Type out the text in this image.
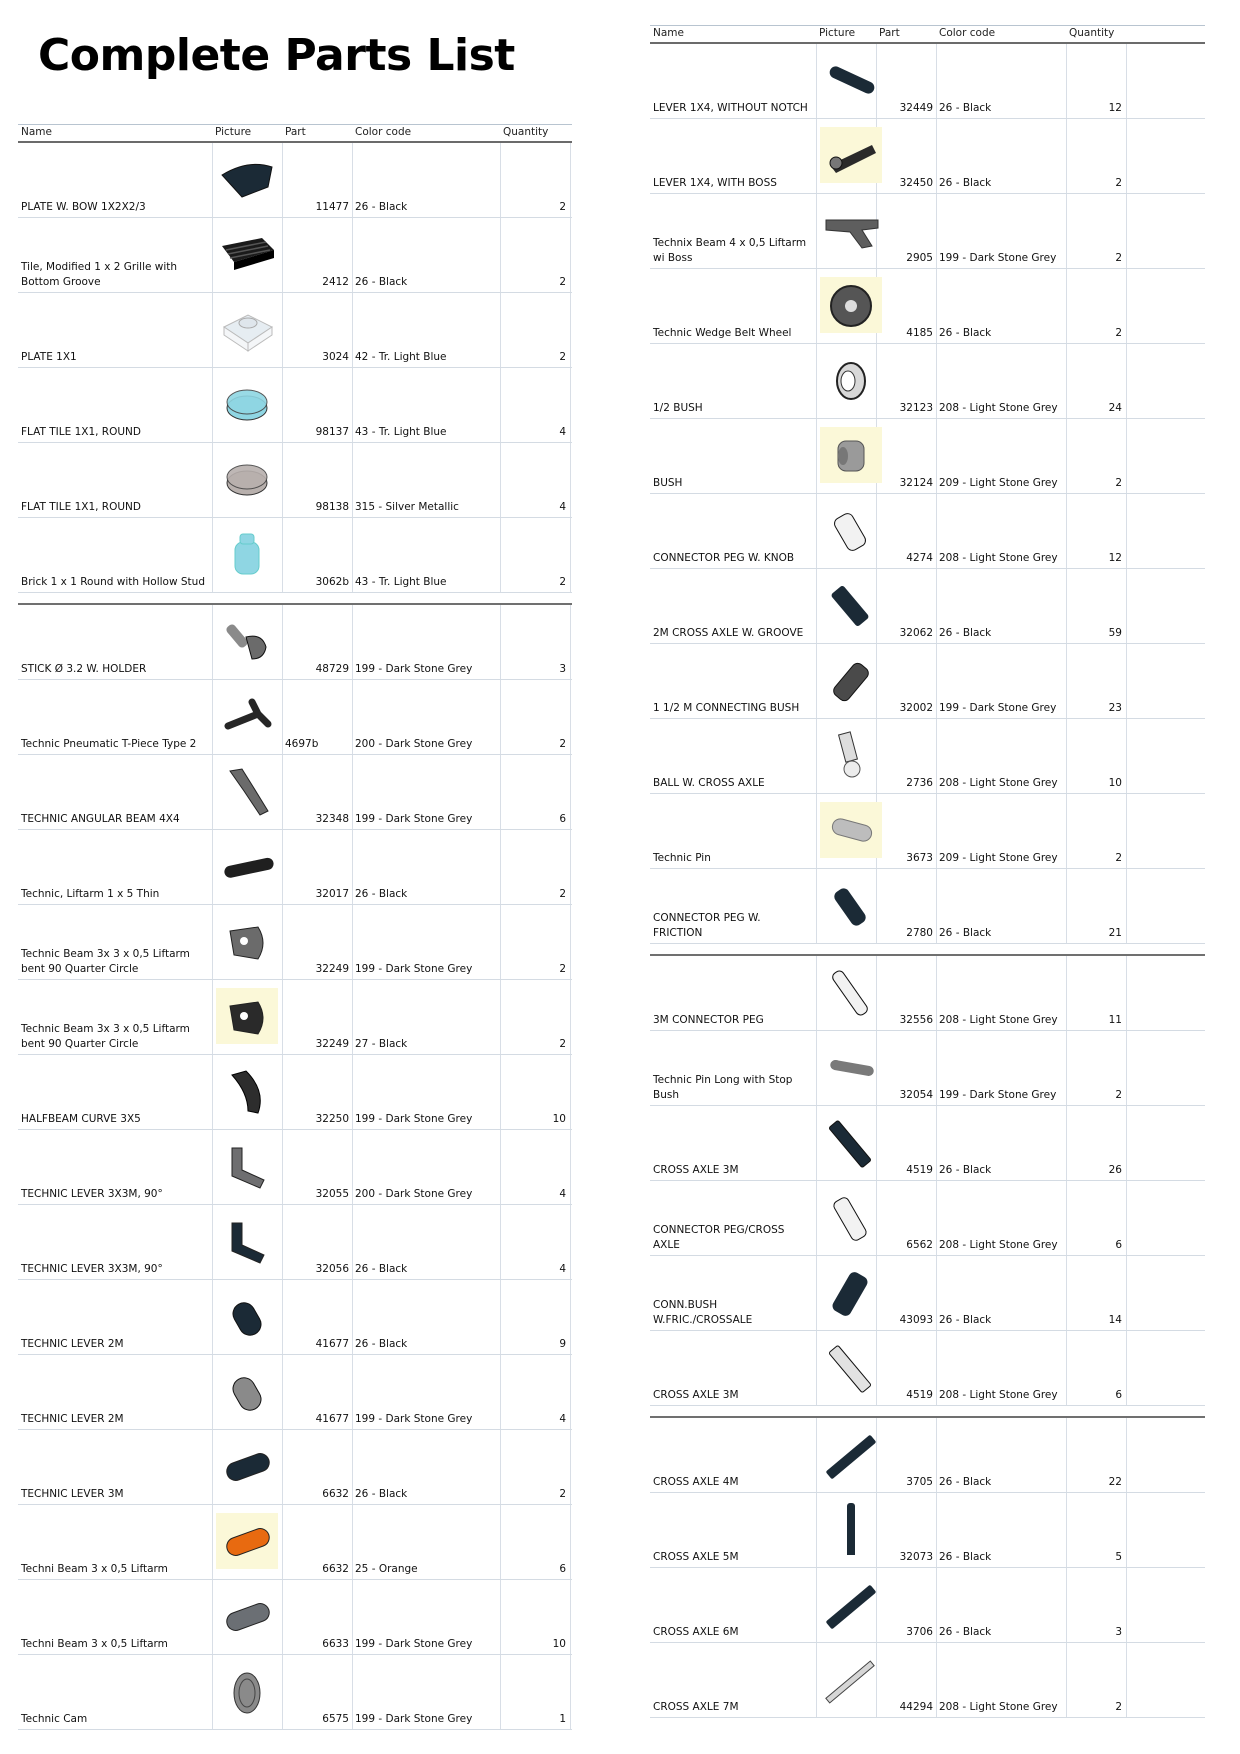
Complete Parts List
Name	Picture	Part	Color code	Quantity
PLATE W. BOW 1X2X2/3	11477 26 - Black	2
Tile, Modified 1 x 2 Grille with Bottom Groove	2412 26 - Black	2
PLATE 1X1	3024 42 - Tr. Light Blue	2
FLAT TILE 1X1, ROUND	98137 43 - Tr. Light Blue	4
FLAT TILE 1X1, ROUND	98138 315 - Silver Metallic	4
Brick 1 x 1 Round with Hollow Stud	3062b 43 - Tr. Light Blue	2
STICK Ø 3.2 W. HOLDER	48729 199 - Dark Stone Grey	3
Technic Pneumatic T-Piece Type 2	4697b	200 - Dark Stone Grey	2
TECHNIC ANGULAR BEAM 4X4	32348 199 - Dark Stone Grey	6
Technic, Liftarm 1 x 5 Thin	32017 26 - Black	2
Technic Beam 3x 3 x 0,5 Liftarm bent 90 Quarter Circle	32249 199 - Dark Stone Grey	2
Technic Beam 3x 3 x 0,5 Liftarm bent 90 Quarter Circle	32249 27 - Black	2
HALFBEAM CURVE 3X5	32250 199 - Dark Stone Grey	10
TECHNIC LEVER 3X3M, 90°	32055 200 - Dark Stone Grey	4
TECHNIC LEVER 3X3M, 90°	32056 26 - Black	4
TECHNIC LEVER 2M	41677 26 - Black	9
TECHNIC LEVER 2M	41677 199 - Dark Stone Grey	4
TECHNIC LEVER 3M	6632 26 - Black	2
Techni Beam 3 x 0,5 Liftarm	6632 25 - Orange	6
Techni Beam 3 x 0,5 Liftarm	6633 199 - Dark Stone Grey	10
Technic Cam	6575 199 - Dark Stone Grey	1
Name	Picture Part	Color code	Quantity
LEVER 1X4, WITHOUT NOTCH	32449 26 - Black	12
LEVER 1X4, WITH BOSS	32450 26 - Black	2
Technix Beam 4 x 0,5 Liftarm wi Boss	2905 199 - Dark Stone Grey	2
Technic Wedge Belt Wheel	4185 26 - Black	2
1/2 BUSH	32123 208 - Light Stone Grey	24
BUSH	32124 209 - Light Stone Grey	2
CONNECTOR PEG W. KNOB	4274 208 - Light Stone Grey	12
2M CROSS AXLE W. GROOVE	32062 26 - Black	59
1 1/2 M CONNECTING BUSH	32002 199 - Dark Stone Grey	23
BALL W. CROSS AXLE	2736 208 - Light Stone Grey	10
Technic Pin	3673 209 - Light Stone Grey	2
CONNECTOR PEG W. FRICTION	2780 26 - Black	21
3M CONNECTOR PEG	32556 208 - Light Stone Grey	11
Technic Pin Long with Stop Bush	32054 199 - Dark Stone Grey	2
CROSS AXLE 3M	4519 26 - Black	26
CONNECTOR PEG/CROSS AXLE	6562 208 - Light Stone Grey	6
CONN.BUSH W.FRIC./CROSSALE	43093 26 - Black	14
CROSS AXLE 3M	4519 208 - Light Stone Grey	6
CROSS AXLE 4M	3705 26 - Black	22
CROSS AXLE 5M	32073 26 - Black	5
CROSS AXLE 6M	3706 26 - Black	3
CROSS AXLE 7M	44294 208 - Light Stone Grey	2
